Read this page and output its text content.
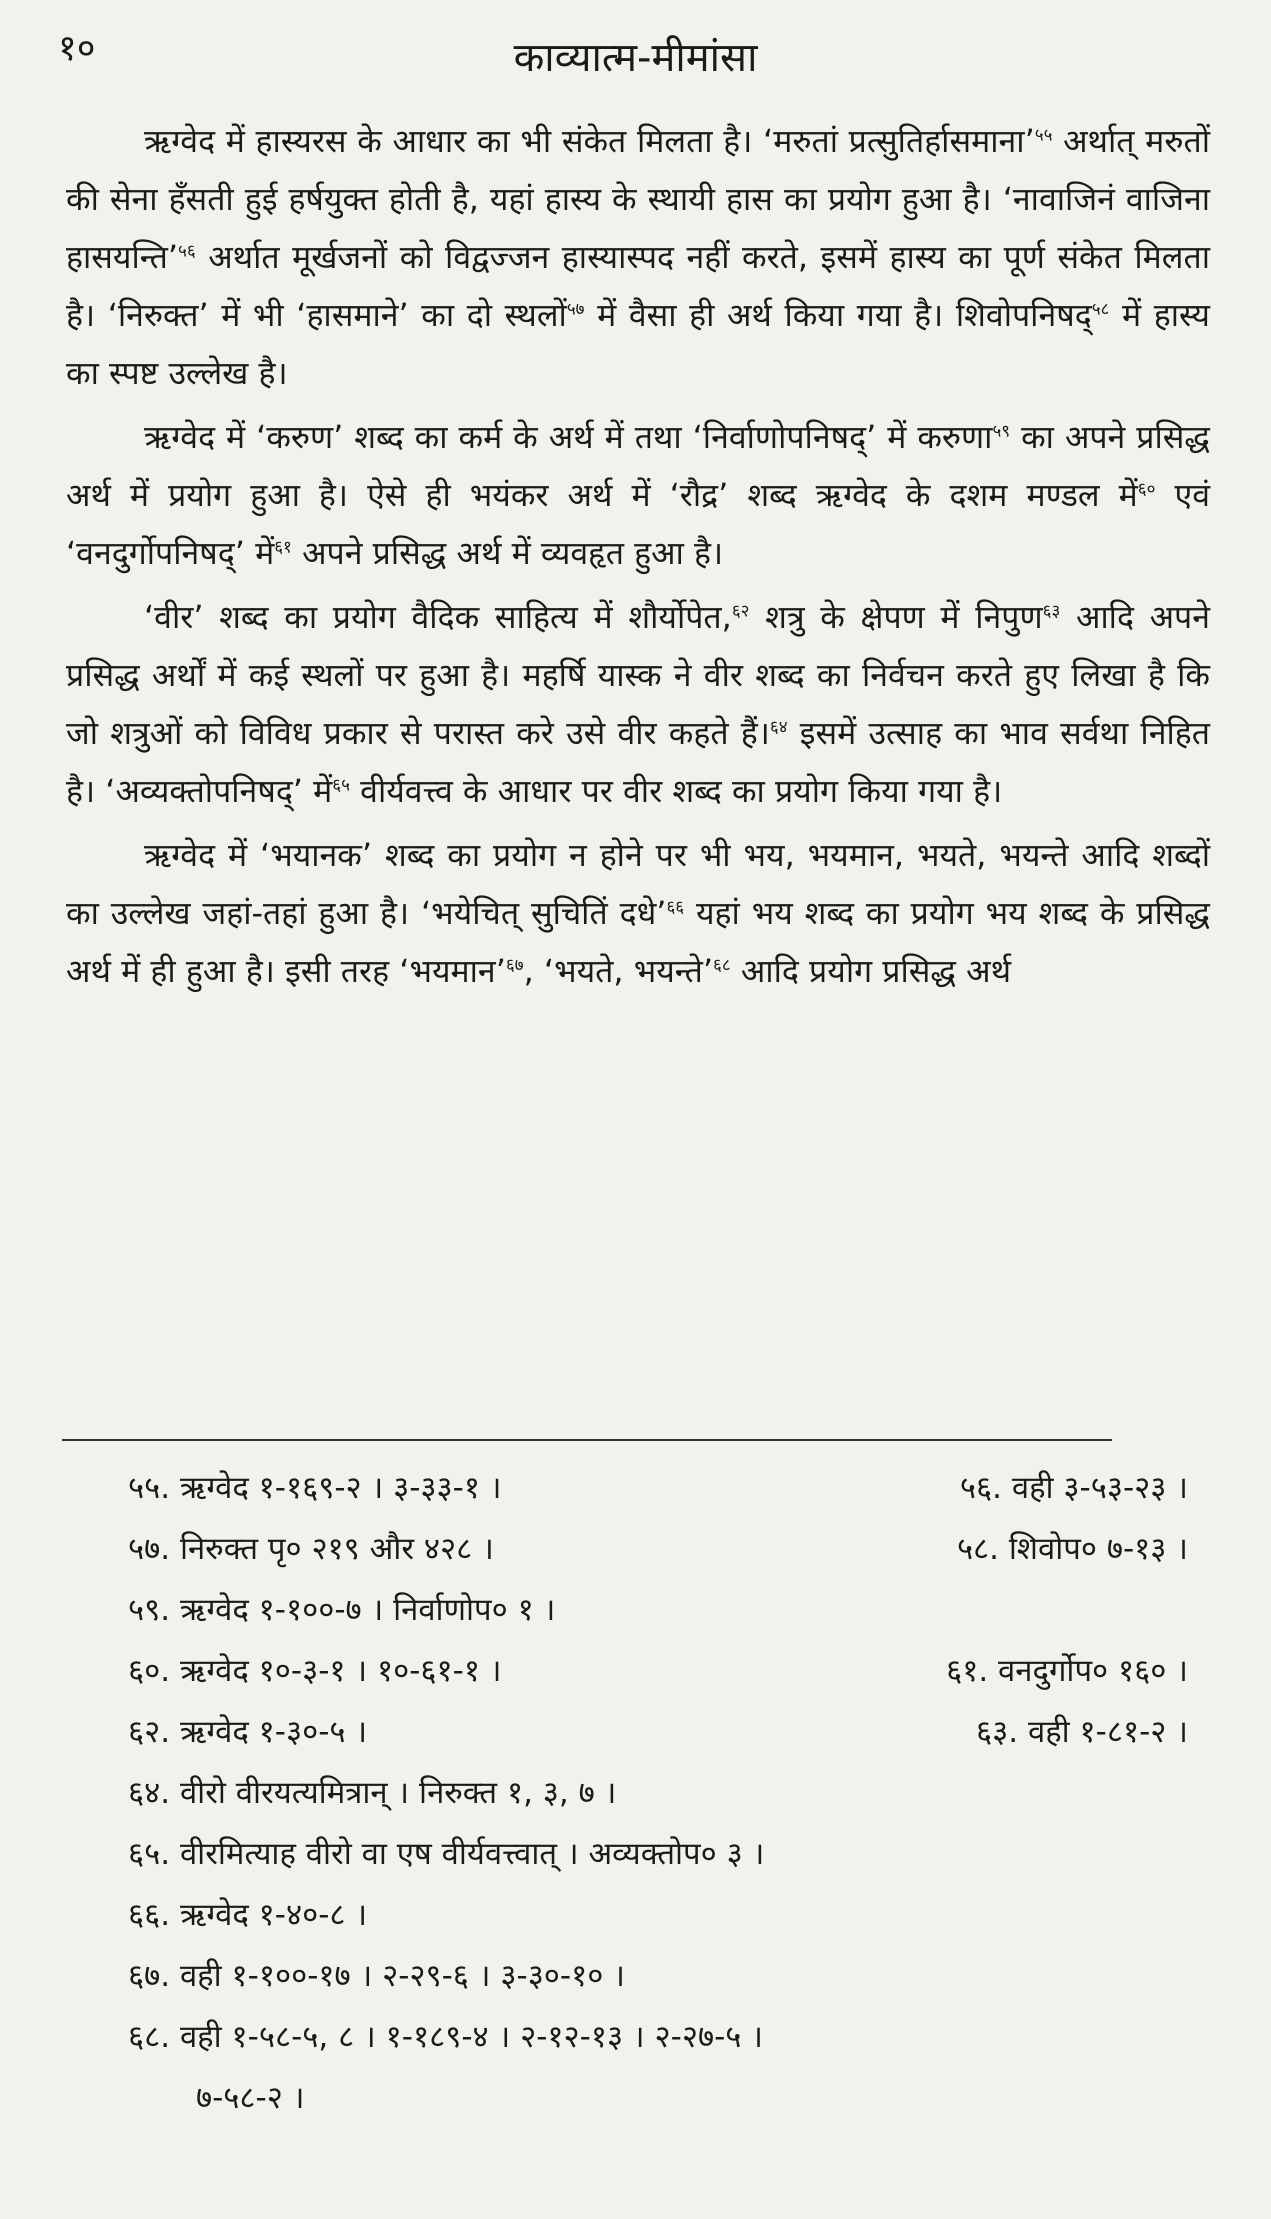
१०	काव्यात्म-मीमांसा

ऋग्वेद में हास्यरस के आधार का भी संकेत मिलता है। ‘मरुतां प्रत्सुतिर्हासमाना’$^{५५}$ अर्थात् मरुतों की सेना हँसती हुई हर्षयुक्त होती है, यहां हास्य के स्थायी हास का प्रयोग हुआ है। ‘नावाजिनं वाजिना हासयन्ति’$^{५६}$ अर्थात मूर्खजनों को विद्वज्जन हास्यास्पद नहीं करते, इसमें हास्य का पूर्ण संकेत मिलता है। ‘निरुक्त’ में भी ‘हासमाने’ का दो स्थलों$^{५७}$ में वैसा ही अर्थ किया गया है। शिवोपनिषद्$^{५८}$ में हास्य का स्पष्ट उल्लेख है।

ऋग्वेद में ‘करुण’ शब्द का कर्म के अर्थ में तथा ‘निर्वाणोपनिषद्’ में करुणा$^{५९}$ का अपने प्रसिद्ध अर्थ में प्रयोग हुआ है। ऐसे ही भयंकर अर्थ में ‘रौद्र’ शब्द ऋग्वेद के दशम मण्डल में$^{६०}$ एवं ‘वनदुर्गोपनिषद्’ में$^{६१}$ अपने प्रसिद्ध अर्थ में व्यवहृत हुआ है।

‘वीर’ शब्द का प्रयोग वैदिक साहित्य में शौर्योपेत,$^{६२}$ शत्रु के क्षेपण में निपुण$^{६३}$ आदि अपने प्रसिद्ध अर्थों में कई स्थलों पर हुआ है। महर्षि यास्क ने वीर शब्द का निर्वचन करते हुए लिखा है कि जो शत्रुओं को विविध प्रकार से परास्त करे उसे वीर कहते हैं।$^{६४}$ इसमें उत्साह का भाव सर्वथा निहित है। ‘अव्यक्तोपनिषद्’ में$^{६५}$ वीर्यवत्त्व के आधार पर वीर शब्द का प्रयोग किया गया है।

ऋग्वेद में ‘भयानक’ शब्द का प्रयोग न होने पर भी भय, भयमान, भयते, भयन्ते आदि शब्दों का उल्लेख जहां-तहां हुआ है। ‘भयेचित् सुचितिं दधे’$^{६६}$ यहां भय शब्द का प्रयोग भय शब्द के प्रसिद्ध अर्थ में ही हुआ है। इसी तरह ‘भयमान’$^{६७}$, ‘भयते, भयन्ते’$^{६८}$ आदि प्रयोग प्रसिद्ध अर्थ

५५. ऋग्वेद १-१६९-२ । ३-३३-१ ।	५६. वही ३-५३-२३ ।
५७. निरुक्त पृ० २१९ और ४२८ ।	५८. शिवोप० ७-१३ ।
५९. ऋग्वेद १-१००-७ । निर्वाणोप० १ ।
६०. ऋग्वेद १०-३-१ । १०-६१-१ ।	६१. वनदुर्गोप० १६० ।
६२. ऋग्वेद १-३०-५ ।	६३. वही १-८१-२ ।
६४. वीरो वीरयत्यमित्रान् । निरुक्त १, ३, ७ ।
६५. वीरमित्याह वीरो वा एष वीर्यवत्त्वात् । अव्यक्तोप० ३ ।
६६. ऋग्वेद १-४०-८ ।
६७. वही १-१००-१७ । २-२९-६ । ३-३०-१० ।
६८. वही १-५८-५, ८ । १-१८९-४ । २-१२-१३ । २-२७-५ ।
७-५८-२ ।
